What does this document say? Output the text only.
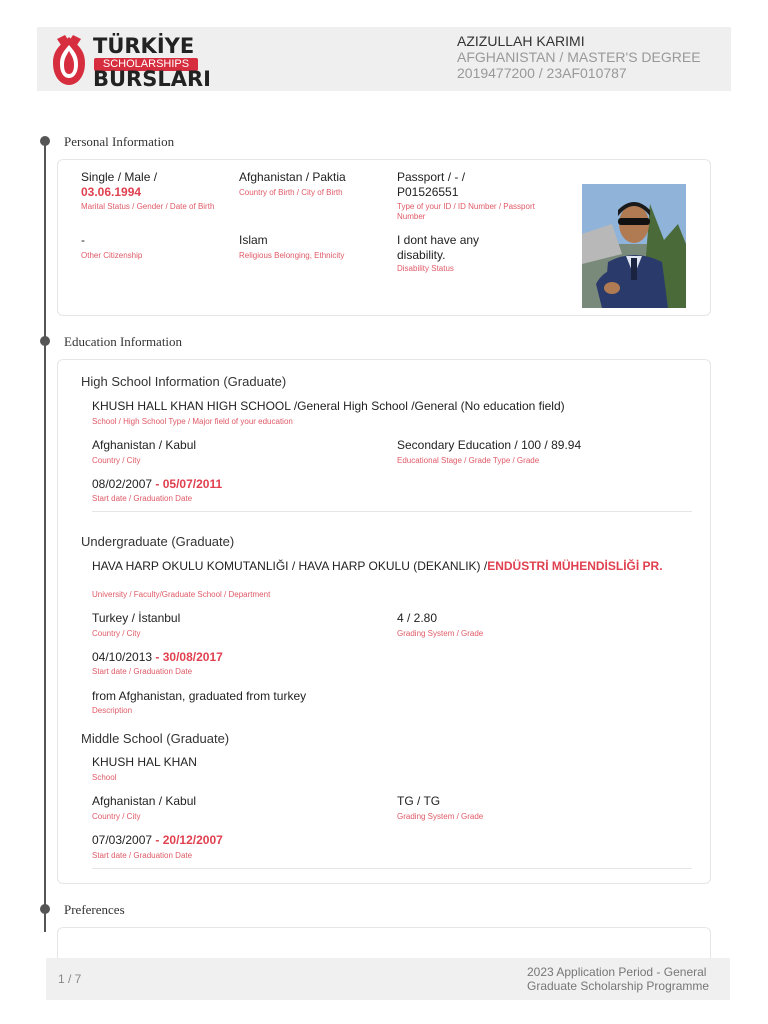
TÜRKİYE
SCHOLARSHIPS
BURSLARI
AZIZULLAH KARIMI
AFGHANISTAN / MASTER'S DEGREE
2019477200 / 23AF010787
Personal Information
Single / Male /
03.06.1994
Marital Status / Gender / Date of Birth
Afghanistan / Paktia
Country of Birth / City of Birth
Passport / - /
P01526551
Type of your ID / ID Number / Passport Number
-
Other Citizenship
Islam
Religious Belonging, Ethnicity
I dont have any disability.
Disability Status
Education Information
High School Information (Graduate)
KHUSH HALL KHAN HIGH SCHOOL /General High School /General (No education field)
School / High School Type / Major field of your education
Afghanistan / Kabul
Country / City
Secondary Education / 100 / 89.94
Educational Stage / Grade Type / Grade
08/02/2007 - 05/07/2011
Start date / Graduation Date
Undergraduate (Graduate)
HAVA HARP OKULU KOMUTANLIĞI / HAVA HARP OKULU (DEKANLIK) /ENDÜSTRİ MÜHENDİSLİĞİ PR.
University / Faculty/Graduate School / Department
Turkey / İstanbul
Country / City
4 / 2.80
Grading System / Grade
04/10/2013 - 30/08/2017
Start date / Graduation Date
from Afghanistan, graduated from turkey
Description
Middle School (Graduate)
KHUSH HAL KHAN
School
Afghanistan / Kabul
Country / City
TG / TG
Grading System / Grade
07/03/2007 - 20/12/2007
Start date / Graduation Date
Preferences
1 / 7	2023 Application Period - General Graduate Scholarship Programme
